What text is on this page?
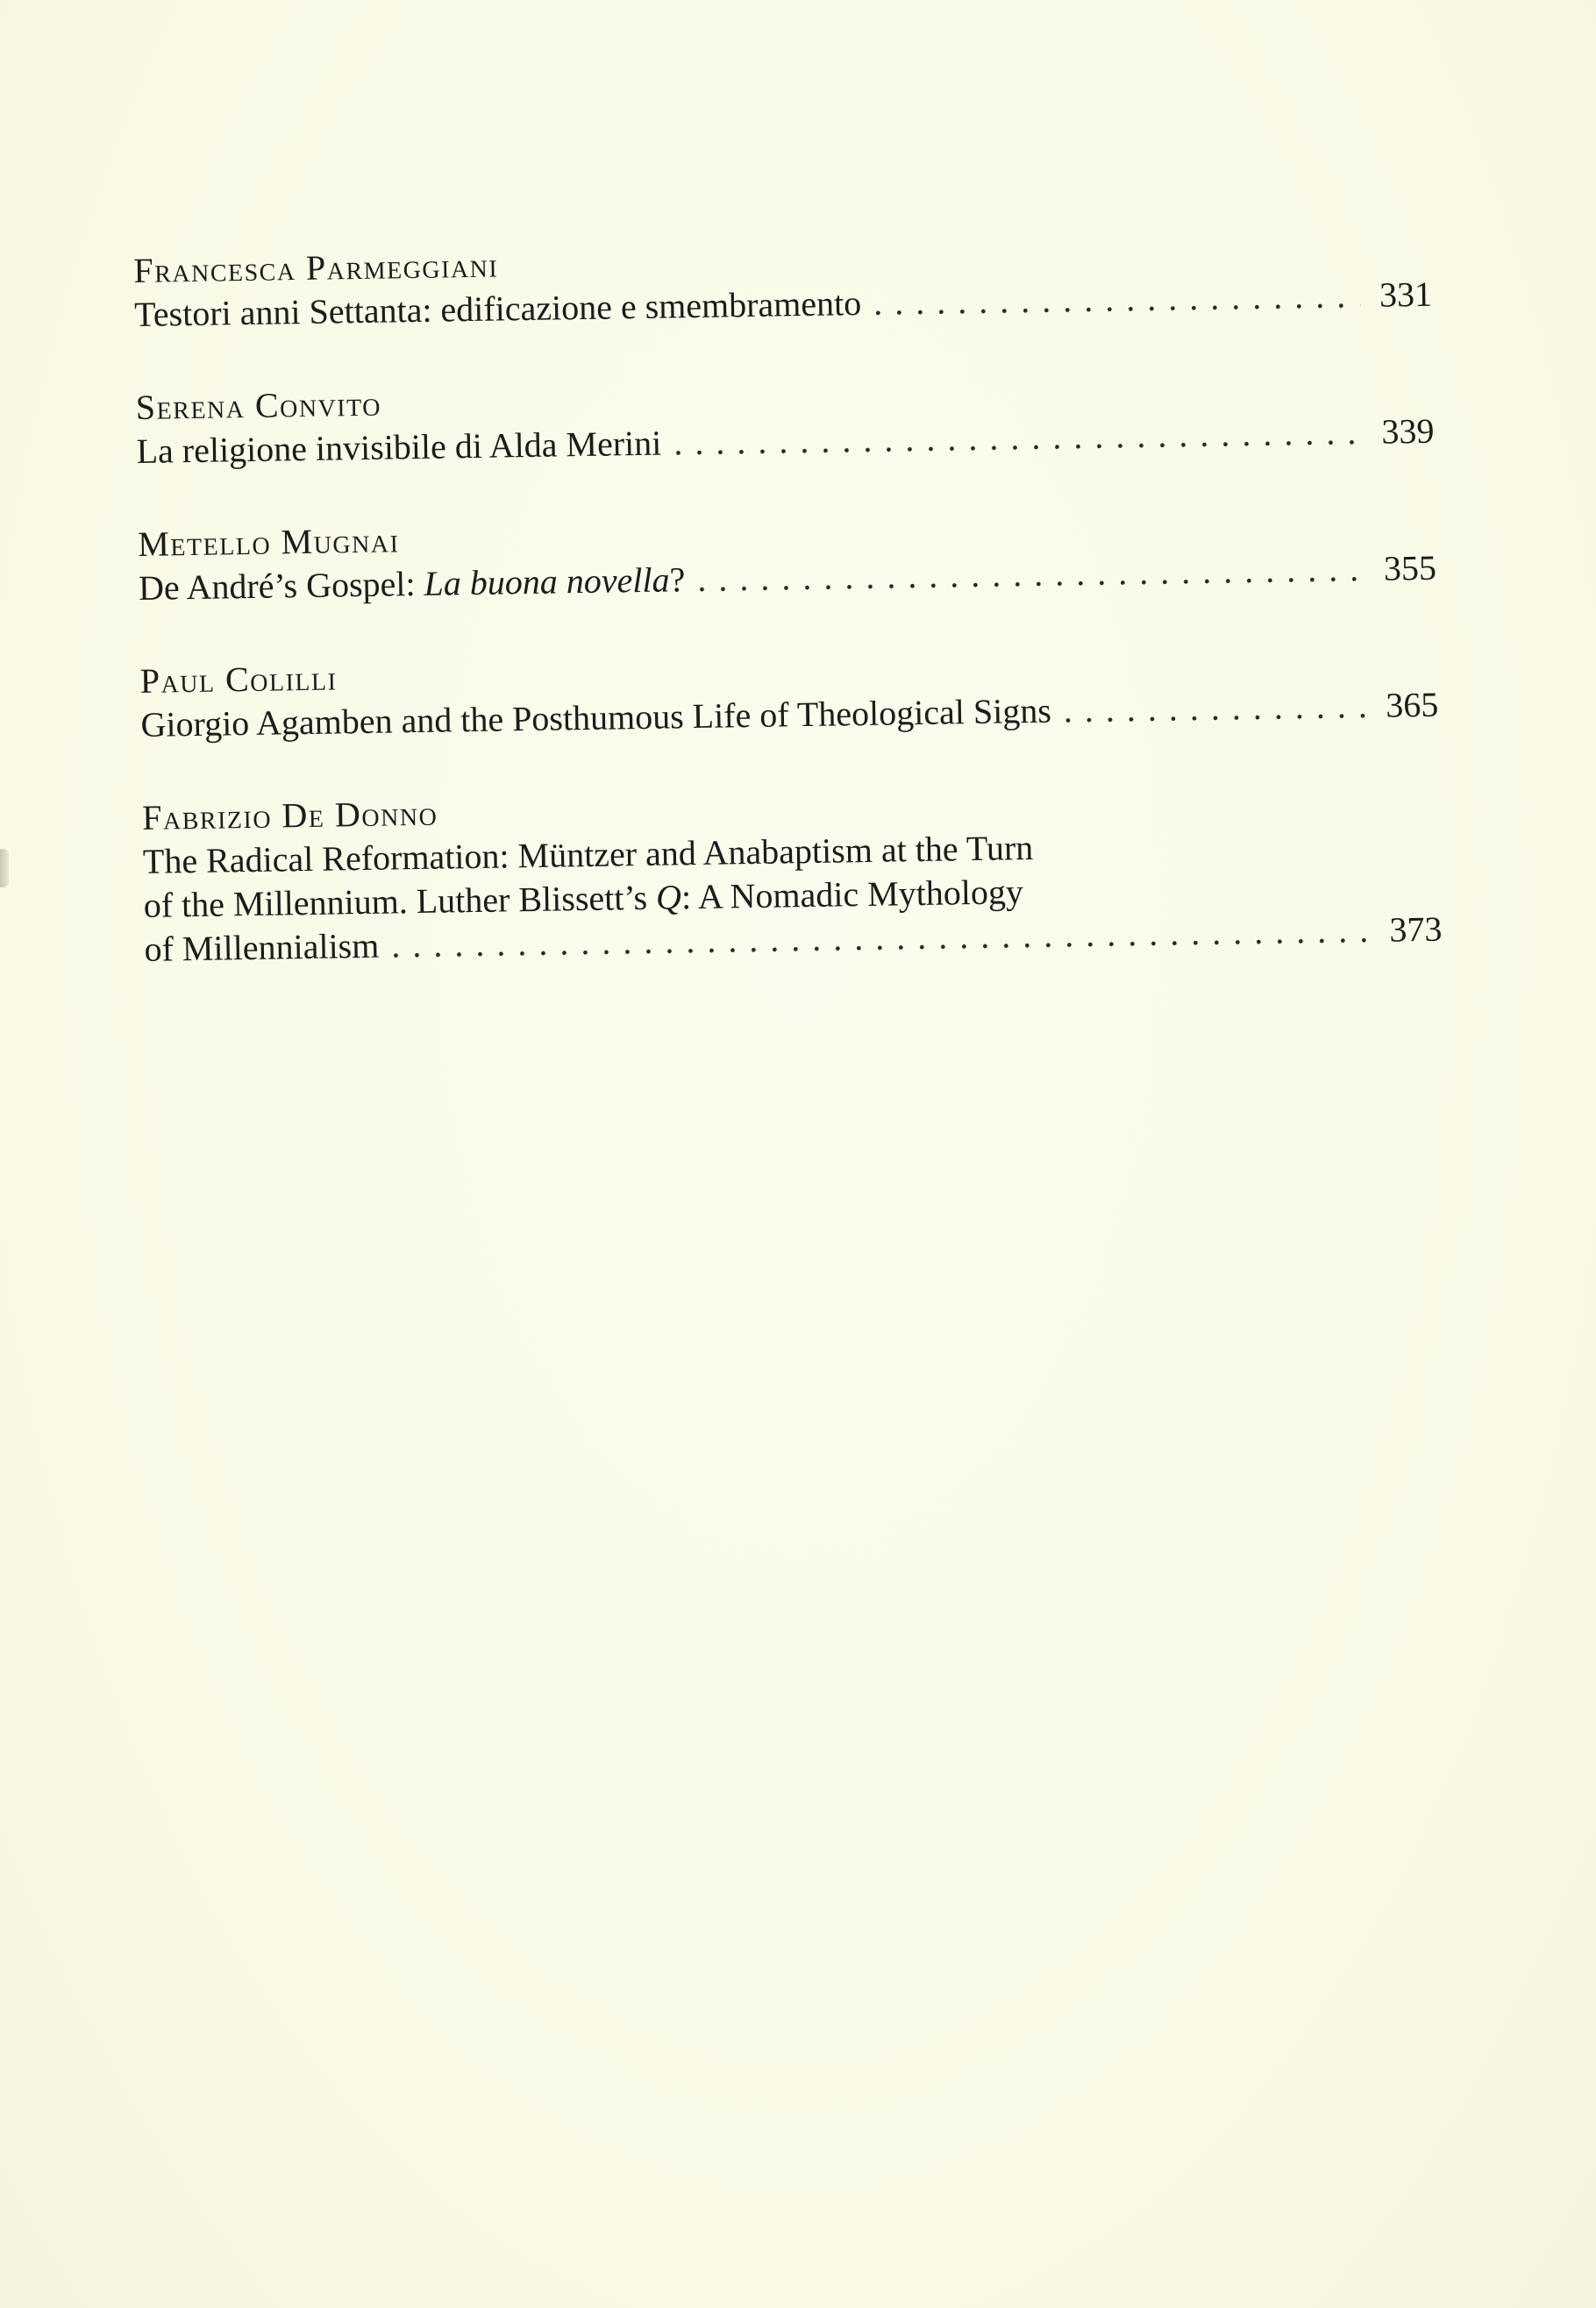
Francesca Parmeggiani
Testori anni Settanta: edificazione e smembramento . . .	331
Serena Convito
La religione invisibile di Alda Merini . . .	339
Metello Mugnai
De André’s Gospel: La buona novella? . . .	355
Paul Colilli
Giorgio Agamben and the Posthumous Life of Theological Signs . . .	365
Fabrizio De Donno
The Radical Reformation: Müntzer and Anabaptism at the Turn
of the Millennium. Luther Blissett’s Q: A Nomadic Mythology
of Millennialism . . .	373
